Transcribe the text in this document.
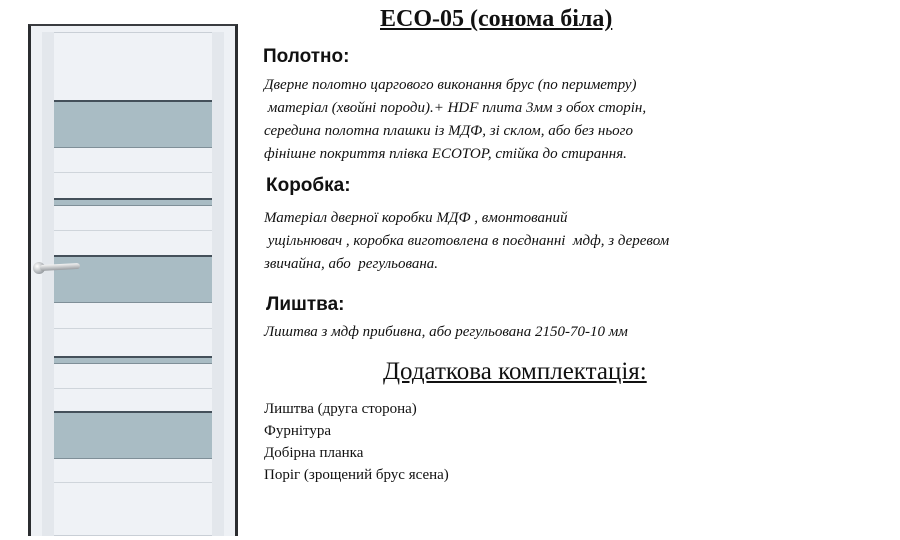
ЕСО-05 (сонома біла)
Полотно:
Дверне полотно царгового виконання брус (по периметру)
матеріал (хвойні породи).+ HDF плита 3мм з обох сторін,
середина полотна плашки із МДФ, зі склом, або без нього
фінішне покриття плівка ECOTOP, стійка до стирання.
Коробка:
Матеріал дверної коробки МДФ , вмонтований
ущільнювач , коробка виготовлена в поєднанні  мдф, з деревом
звичайна, або  регульована.
Лиштва:
Лиштва з мдф прибивна, або регульована 2150-70-10 мм
Додаткова комплектація:
Лиштва (друга сторона)
Фурнітура
Добірна планка
Поріг (зрощений брус ясена)
